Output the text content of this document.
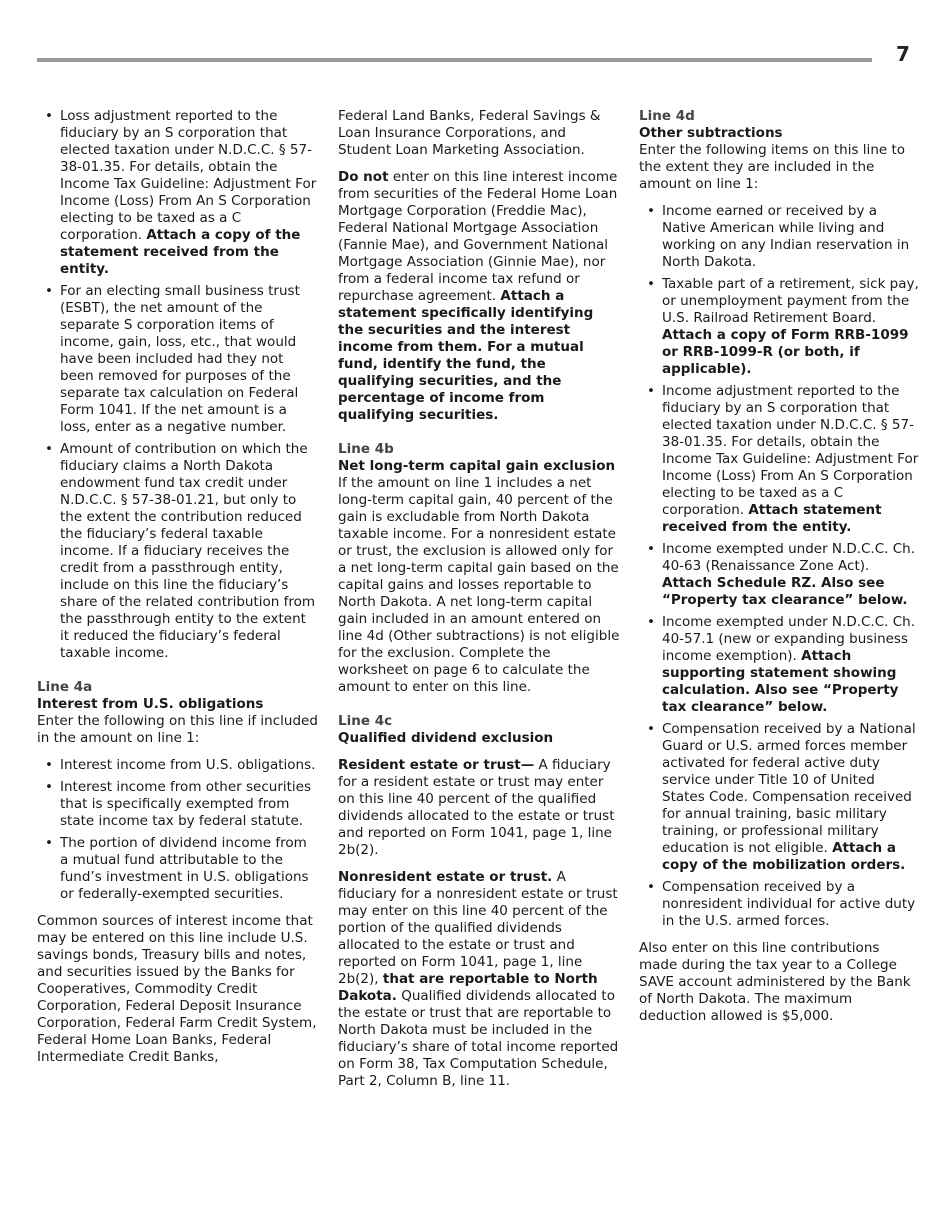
7
• Loss adjustment reported to the fiduciary by an S corporation that elected taxation under N.D.C.C. § 57-38-01.35. For details, obtain the Income Tax Guideline: Adjustment For Income (Loss) From An S Corporation electing to be taxed as a C corporation. Attach a copy of the statement received from the entity.
• For an electing small business trust (ESBT), the net amount of the separate S corporation items of income, gain, loss, etc., that would have been included had they not been removed for purposes of the separate tax calculation on Federal Form 1041. If the net amount is a loss, enter as a negative number.
• Amount of contribution on which the fiduciary claims a North Dakota endowment fund tax credit under N.D.C.C. § 57-38-01.21, but only to the extent the contribution reduced the fiduciary’s federal taxable income. If a fiduciary receives the credit from a passthrough entity, include on this line the fiduciary’s share of the related contribution from the passthrough entity to the extent it reduced the fiduciary’s federal taxable income.
Line 4a
Interest from U.S. obligations

Enter the following on this line if included in the amount on line 1:

• Interest income from U.S. obligations.
• Interest income from other securities that is specifically exempted from state income tax by federal statute.
• The portion of dividend income from a mutual fund attributable to the fund’s investment in U.S. obligations or federally-exempted securities.

Common sources of interest income that may be entered on this line include U.S. savings bonds, Treasury bills and notes, and securities issued by the Banks for Cooperatives, Commodity Credit Corporation, Federal Deposit Insurance Corporation, Federal Farm Credit System, Federal Home Loan Banks, Federal Intermediate Credit Banks,

Federal Land Banks, Federal Savings & Loan Insurance Corporations, and Student Loan Marketing Association.

Do not enter on this line interest income from securities of the Federal Home Loan Mortgage Corporation (Freddie Mac), Federal National Mortgage Association (Fannie Mae), and Government National Mortgage Association (Ginnie Mae), nor from a federal income tax refund or repurchase agreement. Attach a statement specifically identifying the securities and the interest income from them. For a mutual fund, identify the fund, the qualifying securities, and the percentage of income from qualifying securities.

Line 4b
Net long-term capital gain exclusion

If the amount on line 1 includes a net long-term capital gain, 40 percent of the gain is excludable from North Dakota taxable income. For a nonresident estate or trust, the exclusion is allowed only for a net long-term capital gain based on the capital gains and losses reportable to North Dakota. A net long-term capital gain included in an amount entered on line 4d (Other subtractions) is not eligible for the exclusion. Complete the worksheet on page 6 to calculate the amount to enter on this line.

Line 4c
Qualified dividend exclusion

Resident estate or trust— A fiduciary for a resident estate or trust may enter on this line 40 percent of the qualified dividends allocated to the estate or trust and reported on Form 1041, page 1, line 2b(2).

Nonresident estate or trust. A fiduciary for a nonresident estate or trust may enter on this line 40 percent of the portion of the qualified dividends allocated to the estate or trust and reported on Form 1041, page 1, line 2b(2), that are reportable to North Dakota. Qualified dividends allocated to the estate or trust that are reportable to North Dakota must be included in the fiduciary’s share of total income reported on Form 38, Tax Computation Schedule, Part 2, Column B, line 11.

Line 4d
Other subtractions

Enter the following items on this line to the extent they are included in the amount on line 1:

• Income earned or received by a Native American while living and working on any Indian reservation in North Dakota.
• Taxable part of a retirement, sick pay, or unemployment payment from the U.S. Railroad Retirement Board. Attach a copy of Form RRB-1099 or RRB-1099-R (or both, if applicable).
• Income adjustment reported to the fiduciary by an S corporation that elected taxation under N.D.C.C. § 57-38-01.35. For details, obtain the Income Tax Guideline: Adjustment For Income (Loss) From An S Corporation electing to be taxed as a C corporation. Attach statement received from the entity.
• Income exempted under N.D.C.C. Ch. 40-63 (Renaissance Zone Act). Attach Schedule RZ. Also see “Property tax clearance” below.
• Income exempted under N.D.C.C. Ch. 40-57.1 (new or expanding business income exemption). Attach supporting statement showing calculation. Also see “Property tax clearance” below.
• Compensation received by a National Guard or U.S. armed forces member activated for federal active duty service under Title 10 of United States Code. Compensation received for annual training, basic military training, or professional military education is not eligible. Attach a copy of the mobilization orders.
• Compensation received by a nonresident individual for active duty in the U.S. armed forces.

Also enter on this line contributions made during the tax year to a College SAVE account administered by the Bank of North Dakota. The maximum deduction allowed is $5,000.
